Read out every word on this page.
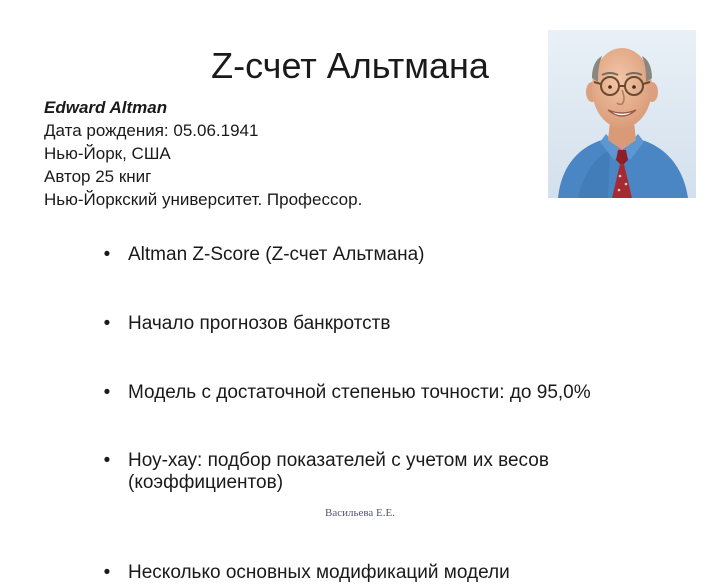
Z-счет Альтмана
Edward Altman
Дата рождения: 05.06.1941
Нью-Йорк, США
Автор 25 книг
Нью-Йоркский университет. Профессор.
• Altman Z-Score (Z-счет Альтмана)
• Начало прогнозов банкротств
• Модель с достаточной степенью точности: до 95,0%
• Ноу-хау: подбор показателей с учетом их весов (коэффициентов)
• Несколько основных модификаций модели
Васильева Е.Е.
